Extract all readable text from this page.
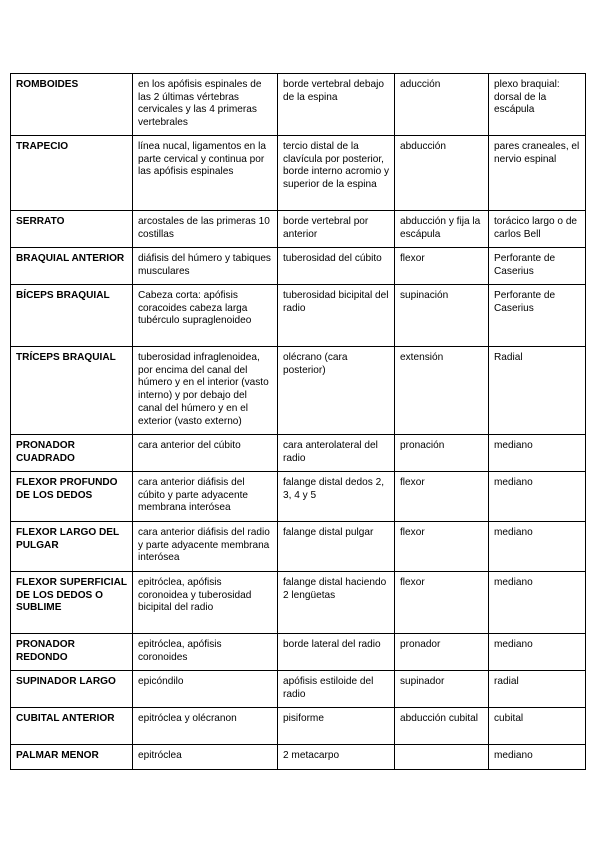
ROMBOIDES	en los apófisis espinales de las 2 últimas vértebras cervicales y las 4 primeras vertebrales	borde vertebral debajo de la espina	aducción	plexo braquial: dorsal de la escápula
TRAPECIO	línea nucal, ligamentos en la parte cervical y continua por las apófisis espinales	tercio distal de la clavícula por posterior, borde interno acromio y superior de la espina	abducción	pares craneales, el nervio espinal
SERRATO	arcostales de las primeras 10 costillas	borde vertebral por anterior	abducción y fija la escápula	torácico largo o de carlos Bell
BRAQUIAL ANTERIOR	diáfisis del húmero y tabiques musculares	tuberosidad del cúbito	flexor	Perforante de Caserius
BÍCEPS BRAQUIAL	Cabeza corta: apófisis coracoides cabeza larga tubérculo supraglenoideo	tuberosidad bicipital del radio	supinación	Perforante de Caserius
TRÍCEPS BRAQUIAL	tuberosidad infraglenoidea, por encima del canal del húmero y en el interior (vasto interno) y por debajo del canal del húmero y en el exterior (vasto externo)	olécrano (cara posterior)	extensión	Radial
PRONADOR CUADRADO	cara anterior del cúbito	cara anterolateral del radio	pronación	mediano
FLEXOR PROFUNDO DE LOS DEDOS	cara anterior diáfisis del cúbito y parte adyacente membrana interósea	falange distal dedos 2, 3, 4 y 5	flexor	mediano
FLEXOR LARGO DEL PULGAR	cara anterior diáfisis del radio y parte adyacente membrana interósea	falange distal pulgar	flexor	mediano
FLEXOR SUPERFICIAL DE LOS DEDOS O SUBLIME	epitróclea, apófisis coronoidea y tuberosidad bicipital del radio	falange distal haciendo 2 lengüetas	flexor	mediano
PRONADOR REDONDO	epitróclea, apófisis coronoides	borde lateral del radio	pronador	mediano
SUPINADOR LARGO	epicóndilo	apófisis estiloide del radio	supinador	radial
CUBITAL ANTERIOR	epitróclea y olécranon	pisiforme	abducción cubital	cubital
PALMAR MENOR	epitróclea	2 metacarpo		mediano
